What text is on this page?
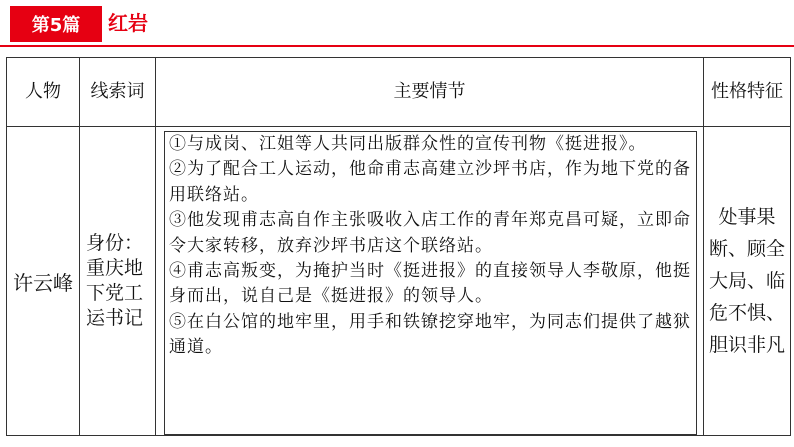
第5篇	红岩
人物	线索词	主要情节	性格特征
许云峰	身份：重庆地下党工运书记	①与成岗、江姐等人共同出版群众性的宣传刊物《挺进报》。

②为了配合工人运动，他命甫志高建立沙坪书店，作为地下党的备用联络站。

③他发现甫志高自作主张吸收入店工作的青年郑克昌可疑，立即命令大家转移，放弃沙坪书店这个联络站。

④甫志高叛变，为掩护当时《挺进报》的直接领导人李敬原，他挺身而出，说自己是《挺进报》的领导人。

⑤在白公馆的地牢里，用手和铁镣挖穿地牢，为同志们提供了越狱通道。	处事果断、顾全大局、临危不惧、胆识非凡
